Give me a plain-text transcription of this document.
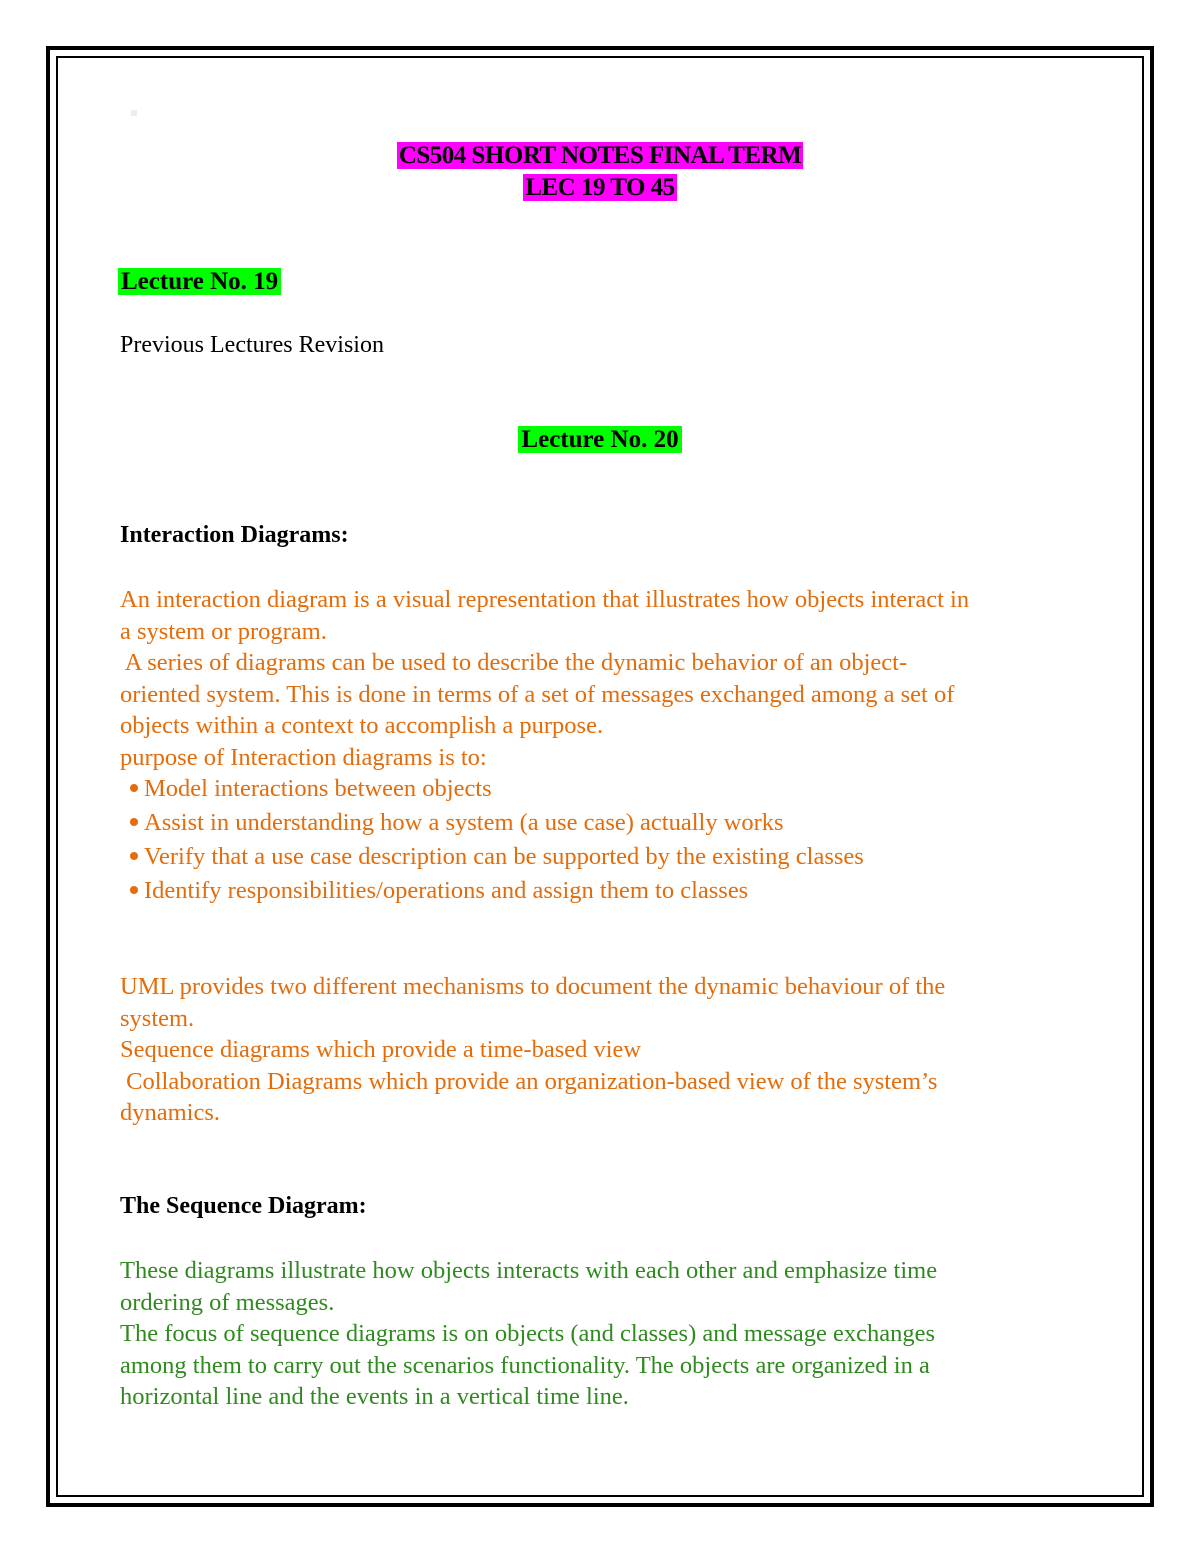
CS504 SHORT NOTES FINAL TERM
LEC 19 TO 45
Lecture No. 19
Previous Lectures Revision
Lecture No. 20
Interaction Diagrams:
An interaction diagram is a visual representation that illustrates how objects interact in
a system or program.
A series of diagrams can be used to describe the dynamic behavior of an object-
oriented system. This is done in terms of a set of messages exchanged among a set of
objects within a context to accomplish a purpose.
purpose of Interaction diagrams is to:
Model interactions between objects
Assist in understanding how a system (a use case) actually works
Verify that a use case description can be supported by the existing classes
Identify responsibilities/operations and assign them to classes
UML provides two different mechanisms to document the dynamic behaviour of the
system.
Sequence diagrams which provide a time-based view
Collaboration Diagrams which provide an organization-based view of the system’s
dynamics.
The Sequence Diagram:
These diagrams illustrate how objects interacts with each other and emphasize time
ordering of messages.
The focus of sequence diagrams is on objects (and classes) and message exchanges
among them to carry out the scenarios functionality. The objects are organized in a
horizontal line and the events in a vertical time line.
